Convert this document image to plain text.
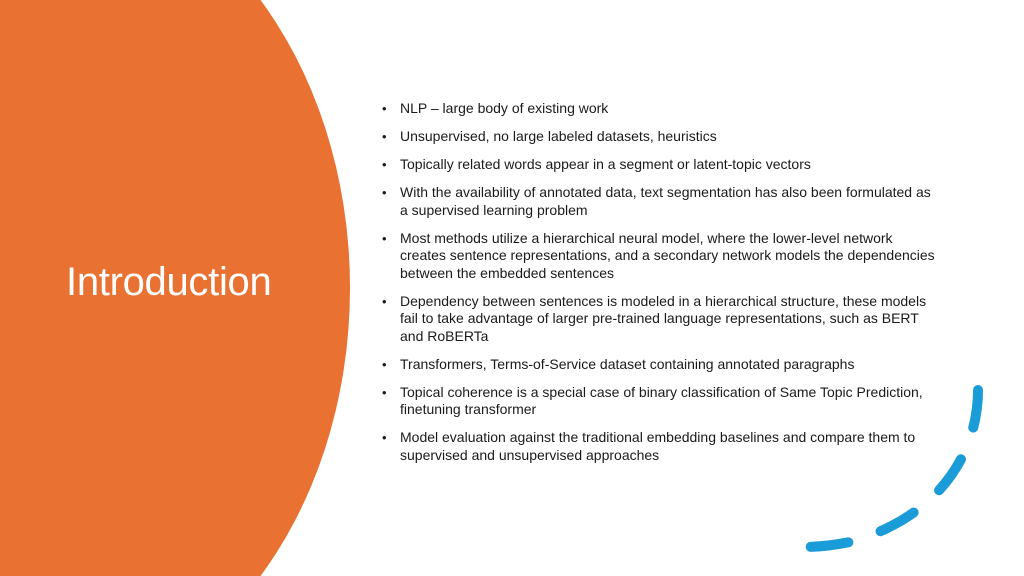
Introduction
• NLP – large body of existing work
• Unsupervised, no large labeled datasets, heuristics
• Topically related words appear in a segment or latent-topic vectors
• With the availability of annotated data, text segmentation has also been formulated as a supervised learning problem
• Most methods utilize a hierarchical neural model, where the lower-level network creates sentence representations, and a secondary network models the dependencies between the embedded sentences
• Dependency between sentences is modeled in a hierarchical structure, these models fail to take advantage of larger pre-trained language representations, such as BERT and RoBERTa
• Transformers, Terms-of-Service dataset containing annotated paragraphs
• Topical coherence is a special case of binary classification of Same Topic Prediction, finetuning transformer
• Model evaluation against the traditional embedding baselines and compare them to supervised and unsupervised approaches
